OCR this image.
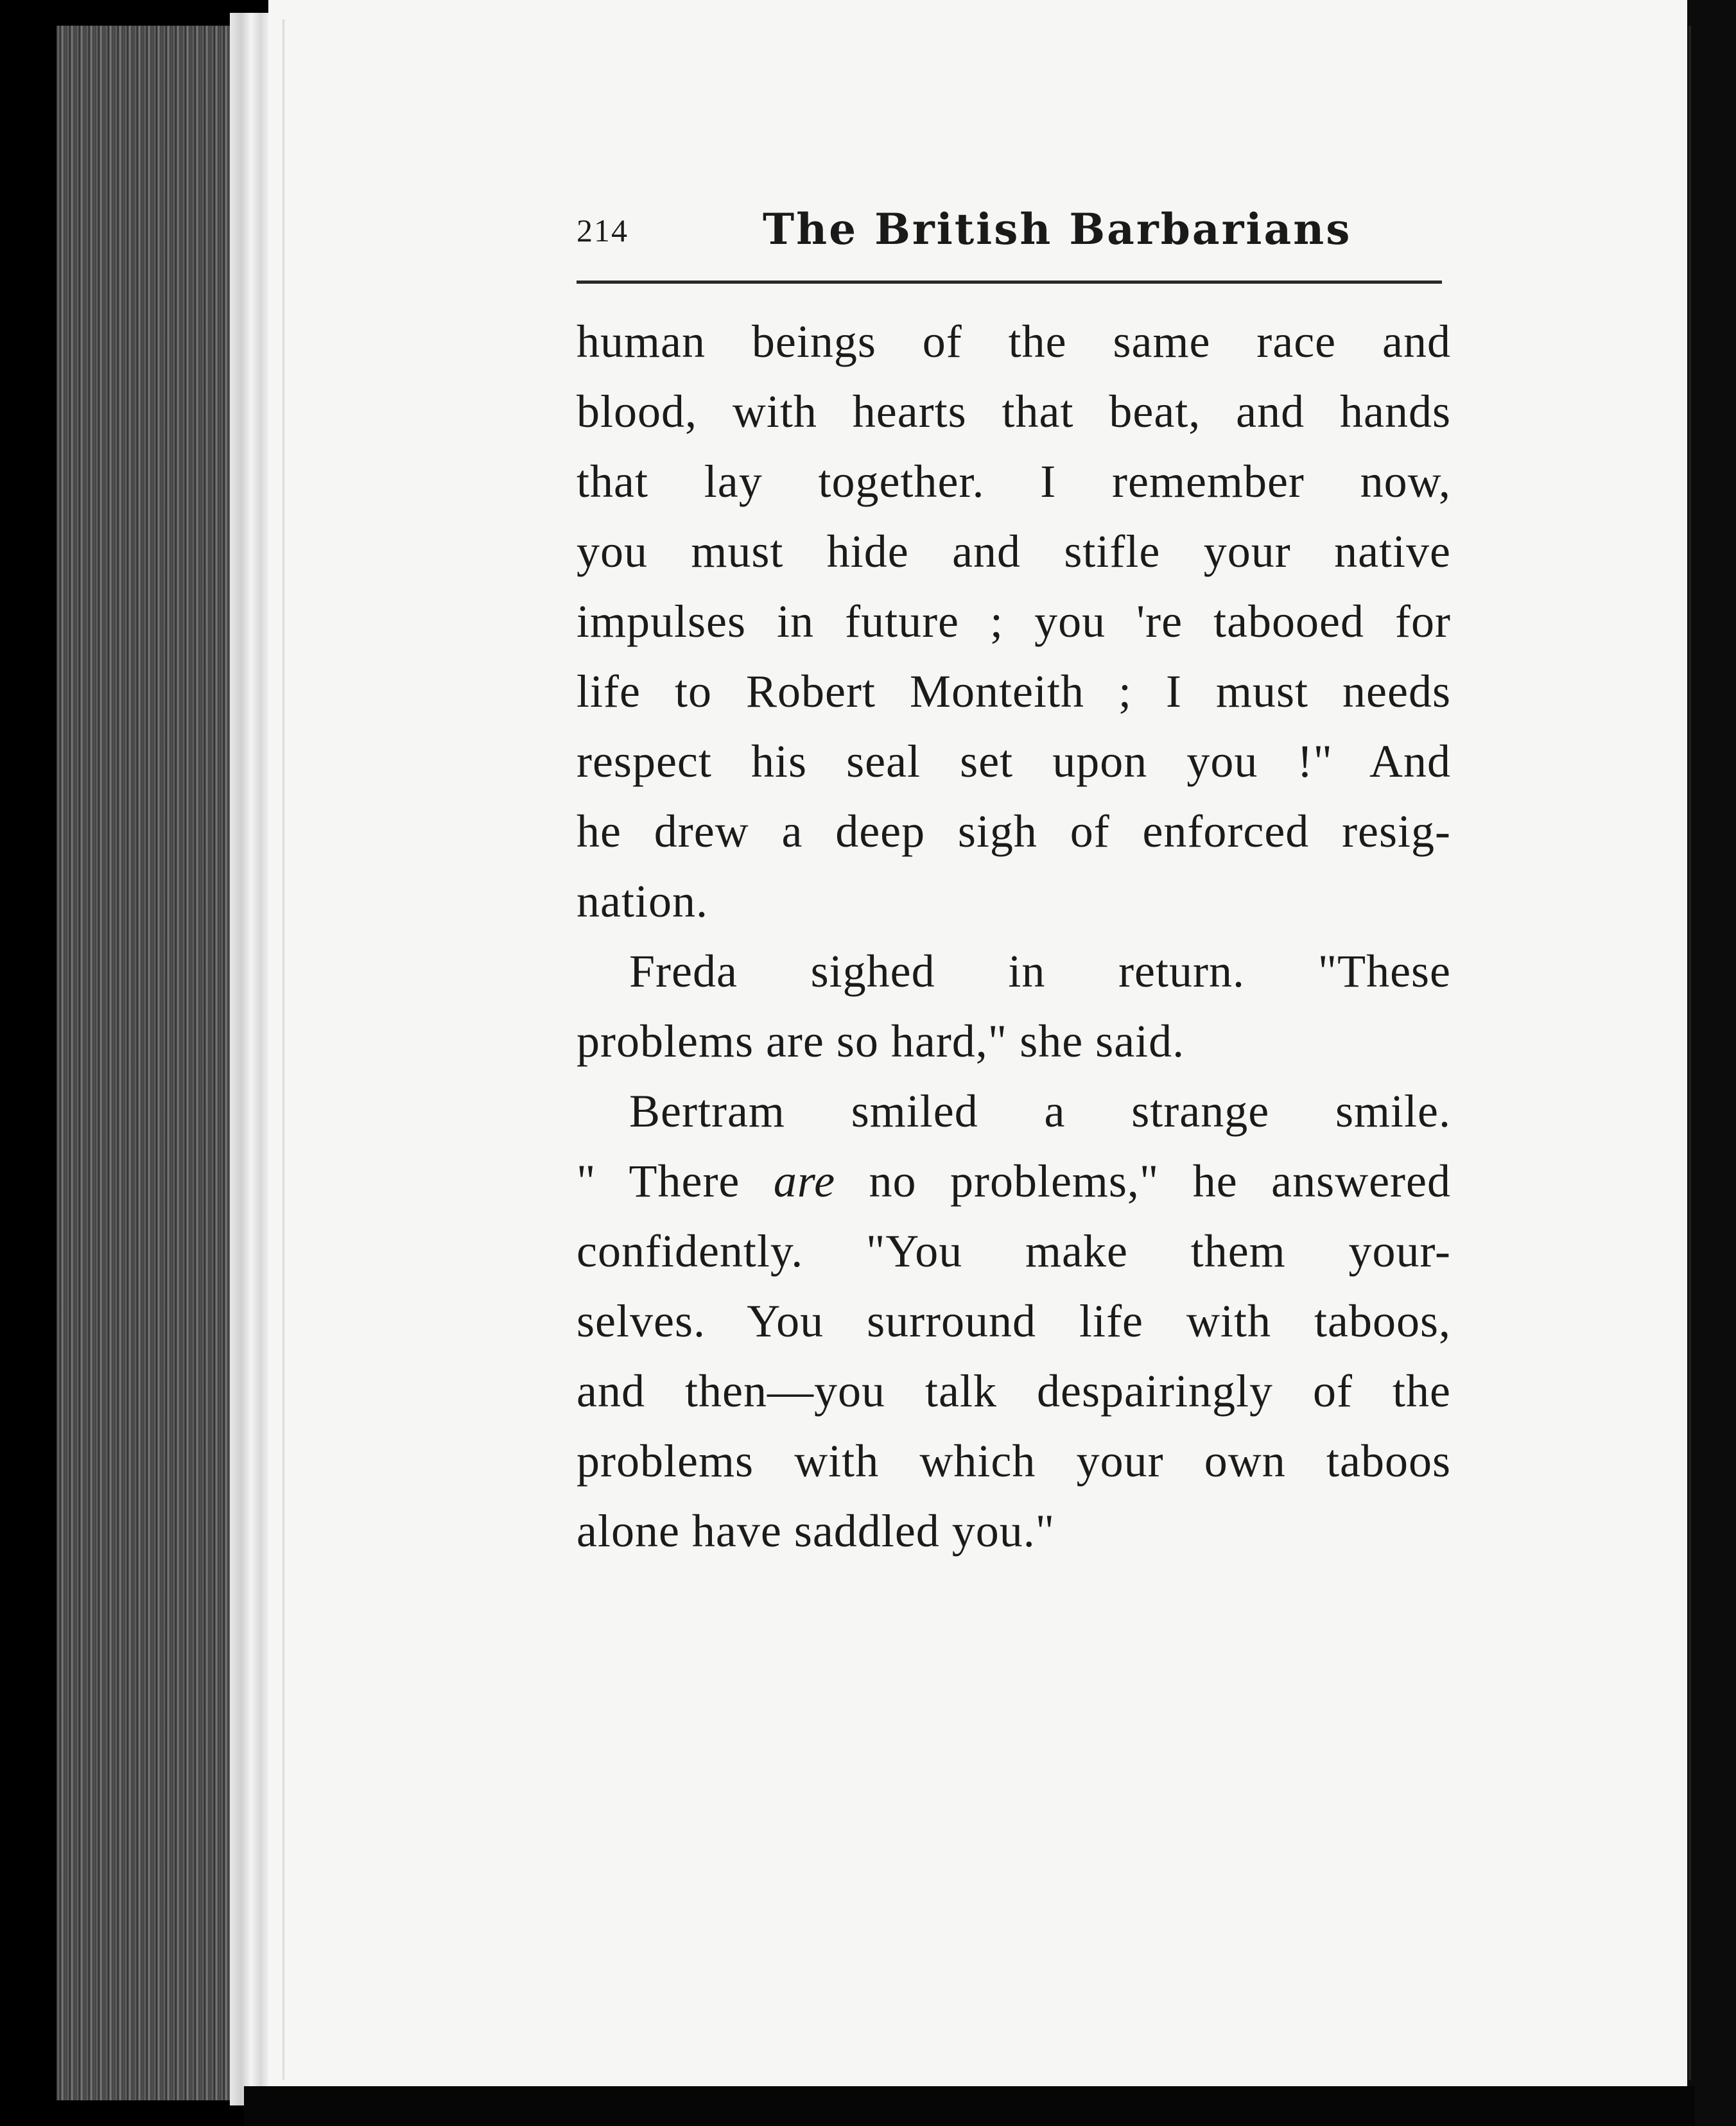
214	The British Barbarians
human beings of the same race and
blood, with hearts that beat, and hands
that lay together. I remember now,
you must hide and stifle your native
impulses in future ; you 're tabooed for
life to Robert Monteith ; I must needs
respect his seal set upon you !" And
he drew a deep sigh of enforced resig-
nation.
Freda sighed in return. "These
problems are so hard," she said.
Bertram smiled a strange smile.
" There are no problems," he answered
confidently. "You make them your-
selves. You surround life with taboos,
and then—you talk despairingly of the
problems with which your own taboos
alone have saddled you."
